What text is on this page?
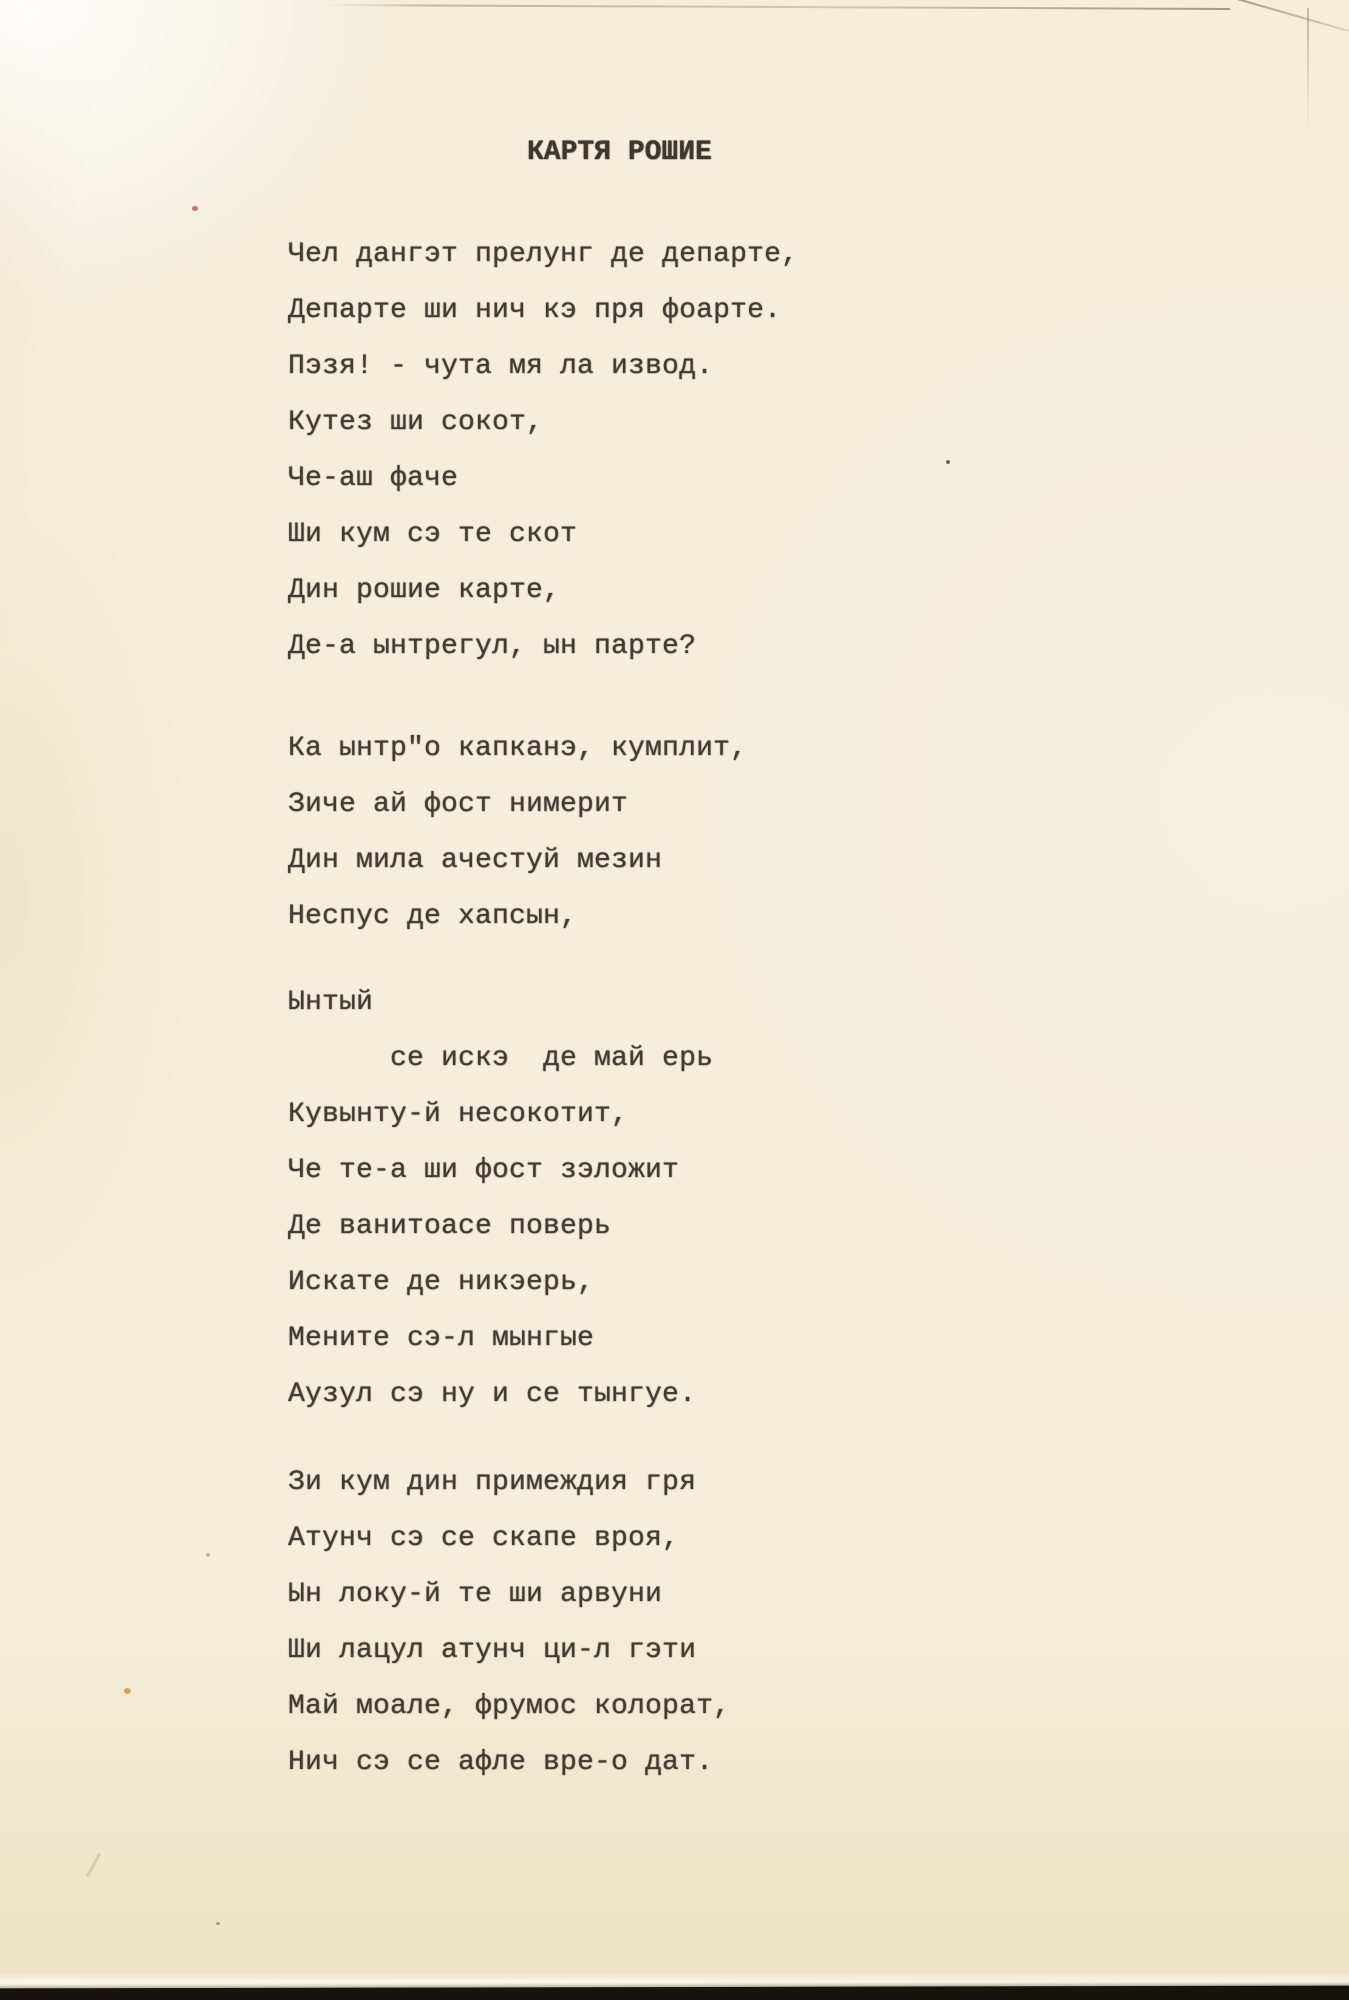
КАРТЯ РОШИЕ
Чел дангэт прелунг де департе,
Департе ши нич кэ пря фоарте.
Пэзя! - чута мя ла извод.
Кутез ши сокот,
Че-аш фаче
Ши кум сэ те скот
Дин рошие карте,
Де-а ынтрегул, ын парте?
Ка ынтр"о капканэ, кумплит,
Зиче ай фост нимерит
Дин мила ачестуй мезин
Неспус де хапсын,
Ынтый
се искэ  де май ерь
Кувынту-й несокотит,
Че те-а ши фост зэложит
Де ванитоасе поверь
Искате де никэерь,
Мените сэ-л мынгые
Аузул сэ ну и се тынгуе.
Зи кум дин примеждия гря
Атунч сэ се скапе вроя,
Ын локу-й те ши арвуни
Ши лацул атунч ци-л гэти
Май моале, фрумос колорат,
Нич сэ се афле вре-о дат.
